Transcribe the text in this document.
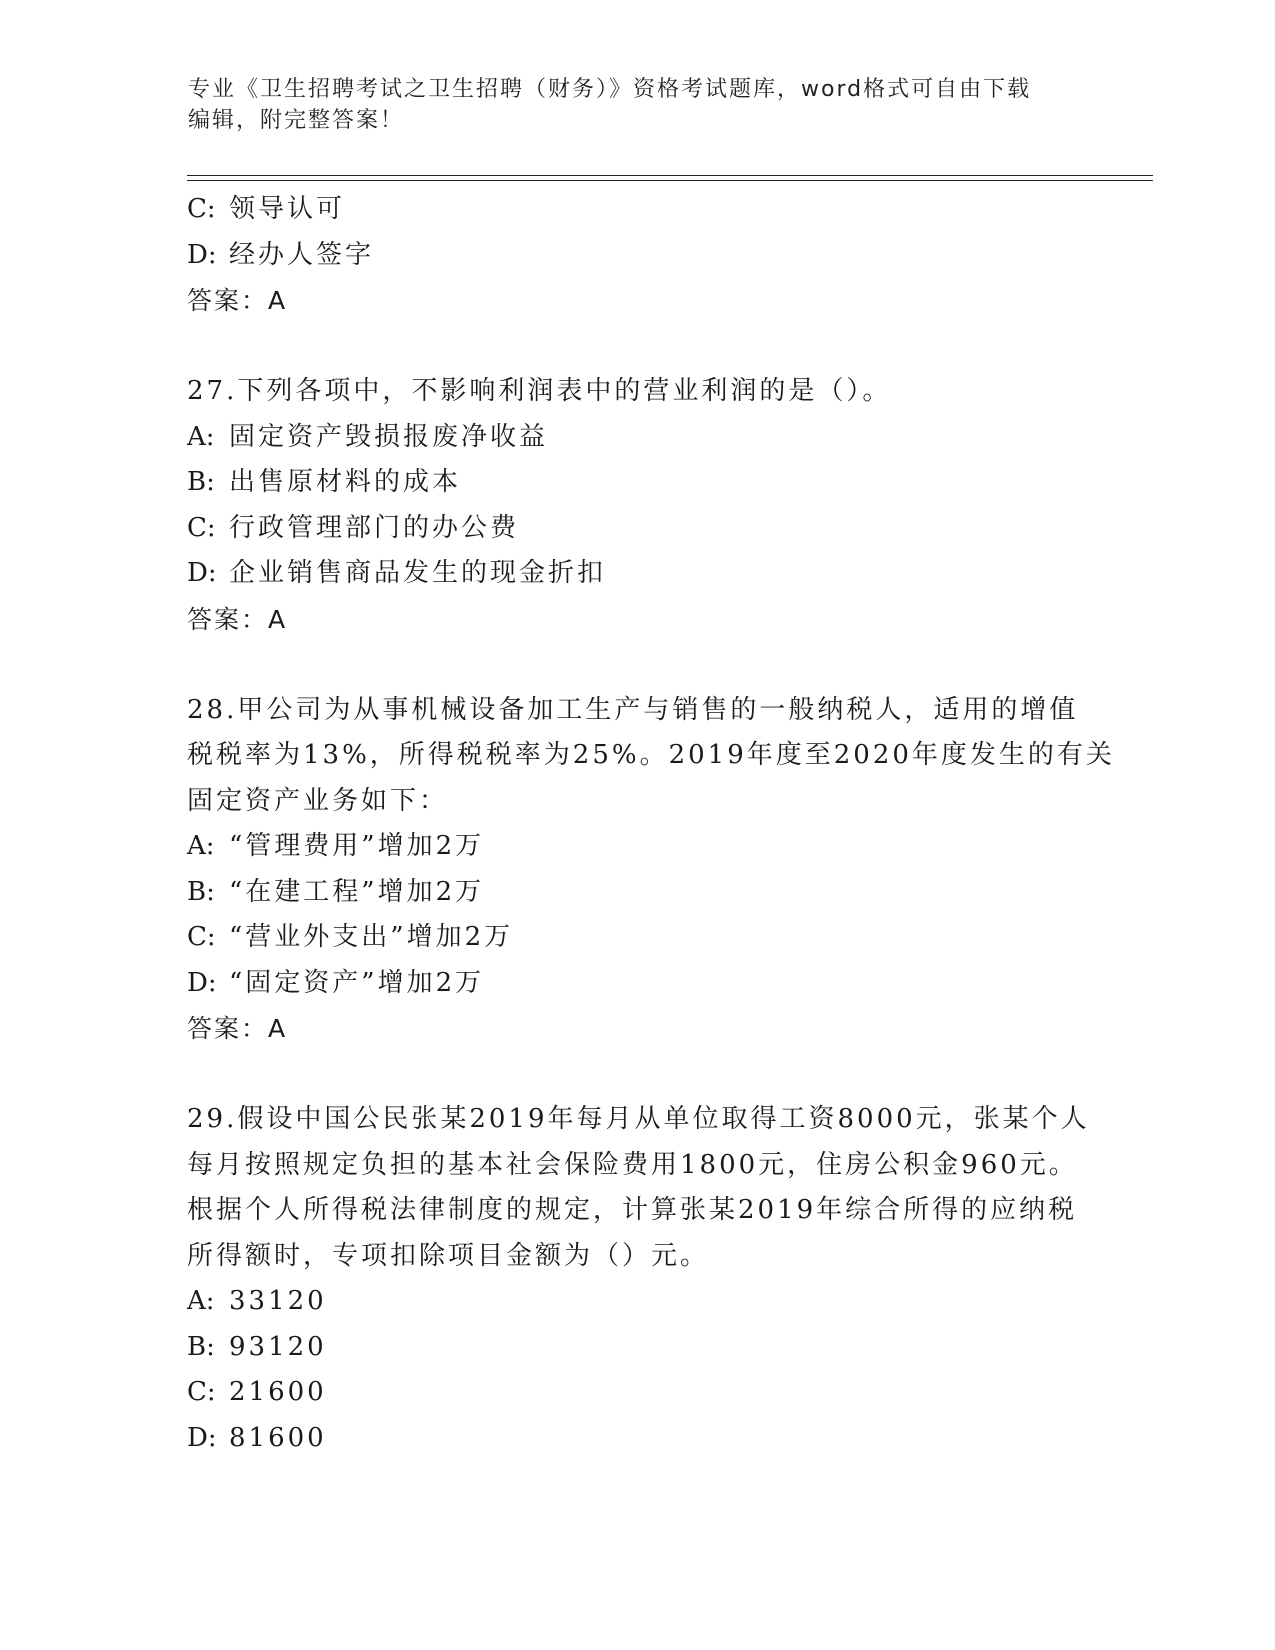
专业《卫生招聘考试之卫生招聘（财务）》资格考试题库，word格式可自由下载
编辑，附完整答案！
C: 领导认可
D: 经办人签字
答案：A
27.下列各项中，不影响利润表中的营业利润的是（）。
A: 固定资产毁损报废净收益
B: 出售原材料的成本
C: 行政管理部门的办公费
D: 企业销售商品发生的现金折扣
答案：A
28.甲公司为从事机械设备加工生产与销售的一般纳税人，适用的增值
税税率为13%，所得税税率为25%。2019年度至2020年度发生的有关
固定资产业务如下：
A: “管理费用”增加2万
B: “在建工程”增加2万
C: “营业外支出”增加2万
D: “固定资产”增加2万
答案：A
29.假设中国公民张某2019年每月从单位取得工资8000元，张某个人
每月按照规定负担的基本社会保险费用1800元，住房公积金960元。
根据个人所得税法律制度的规定，计算张某2019年综合所得的应纳税
所得额时，专项扣除项目金额为（）元。
A: 33120
B: 93120
C: 21600
D: 81600
